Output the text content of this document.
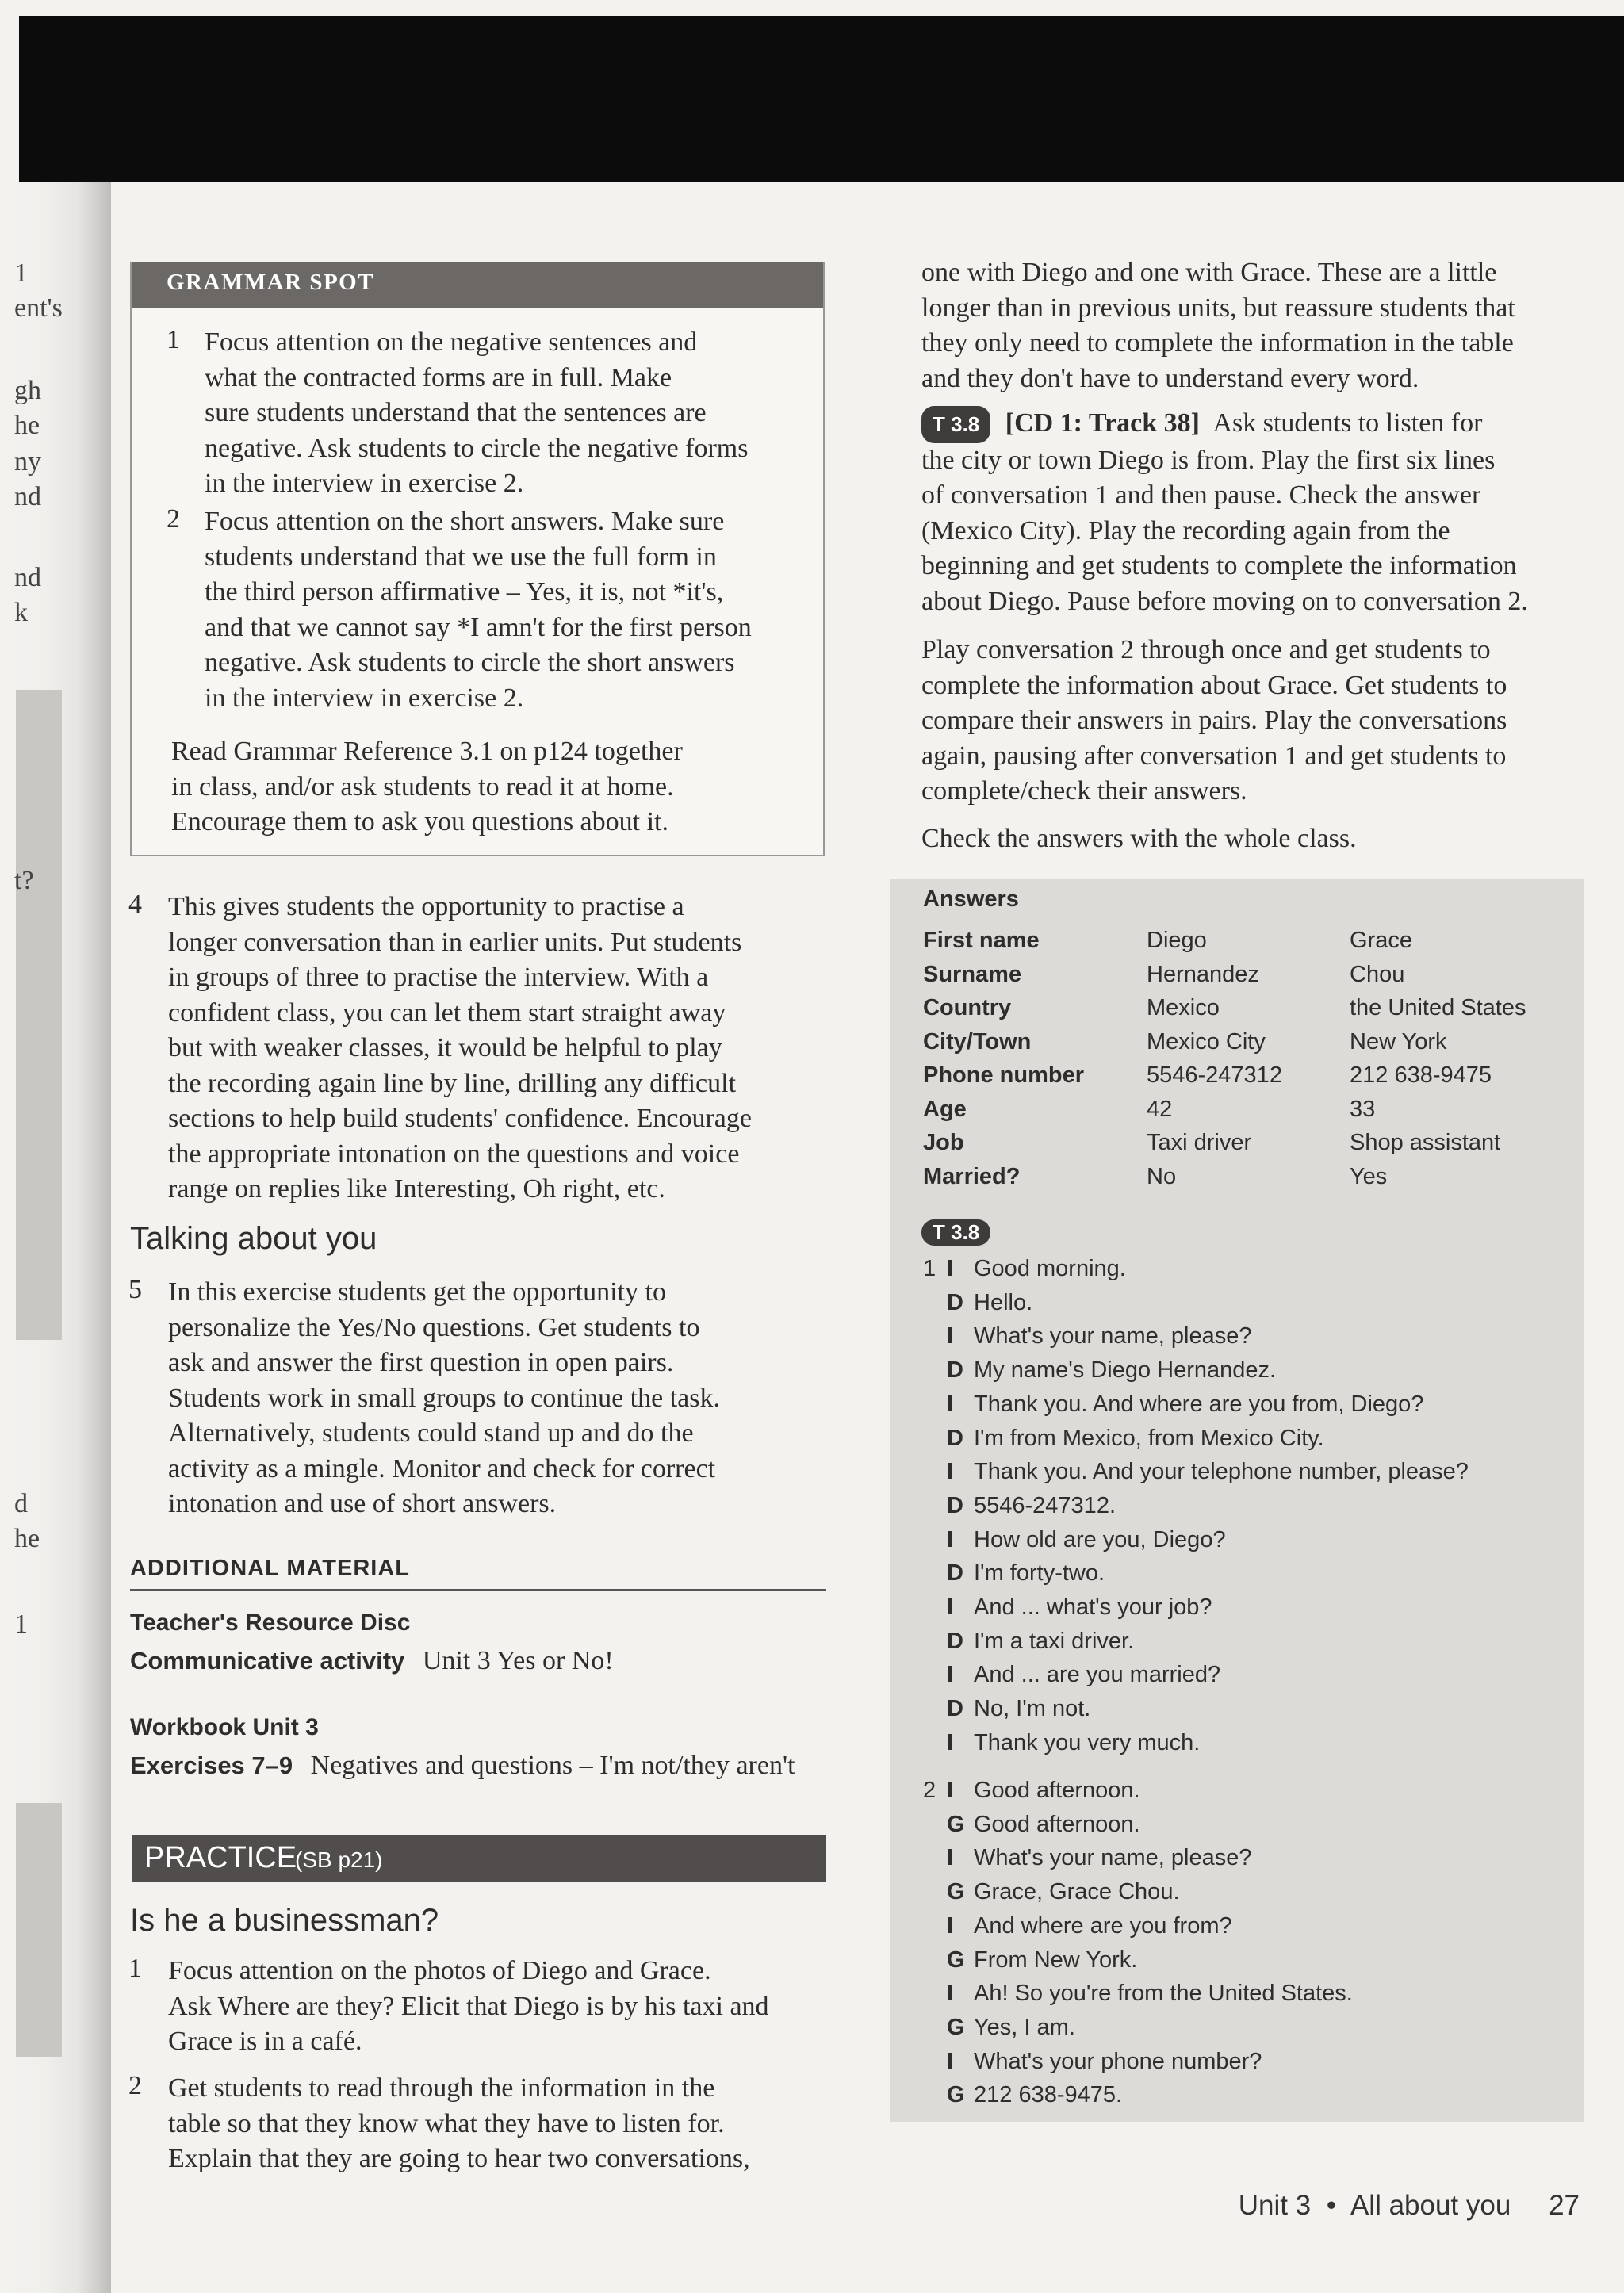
1
ent's
gh
he
ny
nd
nd
k
t?
d
he
1
GRAMMAR SPOT
1 Focus attention on the negative sentences and

what the contracted forms are in full. Make

sure students understand that the sentences are

negative. Ask students to circle the negative forms

in the interview in exercise 2.

2 Focus attention on the short answers. Make sure

students understand that we use the full form in

the third person affirmative – Yes, it is, not *it's,

and that we cannot say *I amn't for the first person

negative. Ask students to circle the short answers

in the interview in exercise 2.

Read Grammar Reference 3.1 on p124 together

in class, and/or ask students to read it at home.

Encourage them to ask you questions about it.

4 This gives students the opportunity to practise a

longer conversation than in earlier units. Put students

in groups of three to practise the interview. With a

confident class, you can let them start straight away

but with weaker classes, it would be helpful to play

the recording again line by line, drilling any difficult

sections to help build students' confidence. Encourage

the appropriate intonation on the questions and voice

range on replies like Interesting, Oh right, etc.

Talking about you
5 In this exercise students get the opportunity to

personalize the Yes/No questions. Get students to

ask and answer the first question in open pairs.

Students work in small groups to continue the task.

Alternatively, students could stand up and do the

activity as a mingle. Monitor and check for correct

intonation and use of short answers.

ADDITIONAL MATERIAL
Teacher's Resource Disc
Communicative activity Unit 3 Yes or No!
Workbook Unit 3
Exercises 7–9 Negatives and questions – I'm not/they aren't
PRACTICE
(SB p21)
Is he a businessman?
1 Focus attention on the photos of Diego and Grace.

Ask Where are they? Elicit that Diego is by his taxi and

Grace is in a café.

2 Get students to read through the information in the

table so that they know what they have to listen for.

Explain that they are going to hear two conversations,

one with Diego and one with Grace. These are a little

longer than in previous units, but reassure students that

they only need to complete the information in the table

and they don't have to understand every word.

T 3.8 [CD 1: Track 38] Ask students to listen for

the city or town Diego is from. Play the first six lines

of conversation 1 and then pause. Check the answer

(Mexico City). Play the recording again from the

beginning and get students to complete the information

about Diego. Pause before moving on to conversation 2.

Play conversation 2 through once and get students to

complete the information about Grace. Get students to

compare their answers in pairs. Play the conversations

again, pausing after conversation 1 and get students to

complete/check their answers.

Check the answers with the whole class.

Answers
First name	Diego	Grace
Surname	Hernandez	Chou
Country	Mexico	the United States
City/Town	Mexico City	New York
Phone number	5546-247312	212 638-9475
Age	42	33
Job	Taxi driver	Shop assistant
Married?	No	Yes
T 3.8
1 I Good morning.
D Hello.
I What's your name, please?
D My name's Diego Hernandez.
I Thank you. And where are you from, Diego?
D I'm from Mexico, from Mexico City.
I Thank you. And your telephone number, please?
D 5546-247312.
I How old are you, Diego?
D I'm forty-two.
I And ... what's your job?
D I'm a taxi driver.
I And ... are you married?
D No, I'm not.
I Thank you very much.
2 I Good afternoon.
G Good afternoon.
I What's your name, please?
G Grace, Grace Chou.
I And where are you from?
G From New York.
I Ah! So you're from the United States.
G Yes, I am.
I What's your phone number?
G 212 638-9475.
Unit 3 • All about you 27
